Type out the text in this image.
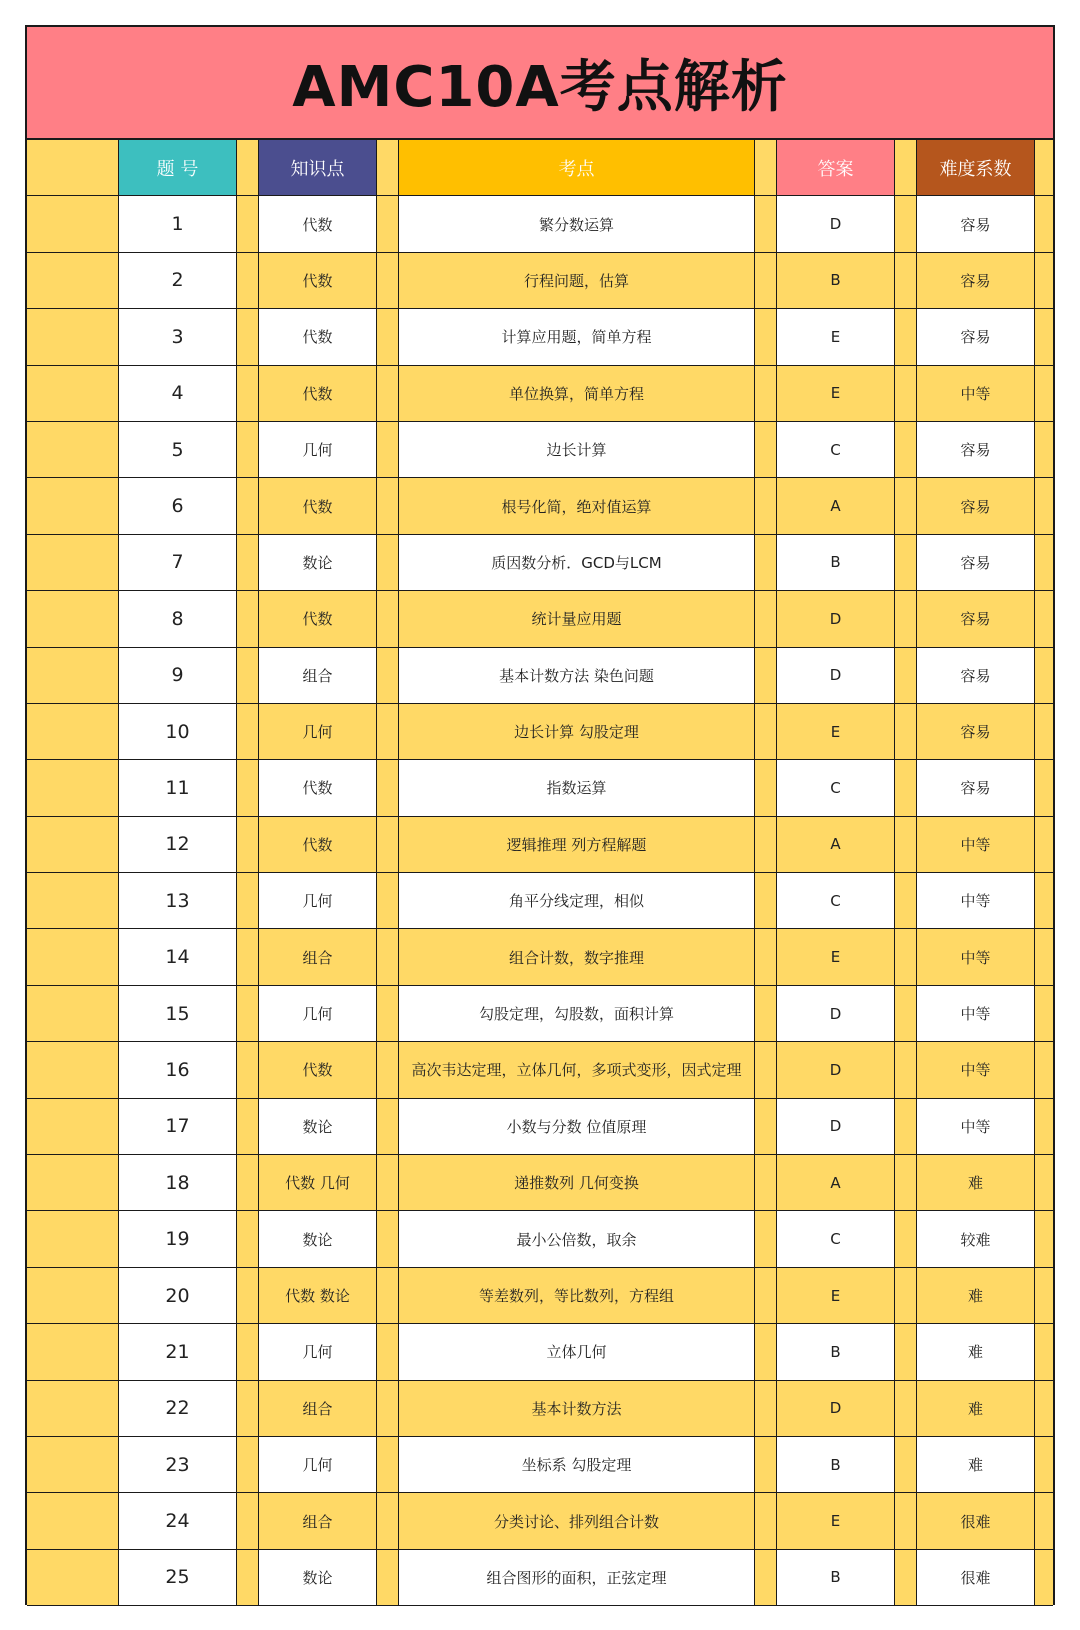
AMC10A考点解析
题 号	知识点	考点	答案	难度系数
1	代数	繁分数运算	D	容易
2	代数	行程问题，估算	B	容易
3	代数	计算应用题，简单方程	E	容易
4	代数	单位换算，简单方程	E	中等
5	几何	边长计算	C	容易
6	代数	根号化简，绝对值运算	A	容易
7	数论	质因数分析．GCD与LCM	B	容易
8	代数	统计量应用题	D	容易
9	组合	基本计数方法 染色问题	D	容易
10	几何	边长计算 勾股定理	E	容易
11	代数	指数运算	C	容易
12	代数	逻辑推理 列方程解题	A	中等
13	几何	角平分线定理，相似	C	中等
14	组合	组合计数，数字推理	E	中等
15	几何	勾股定理，勾股数，面积计算	D	中等
16	代数	高次韦达定理，立体几何，多项式变形，因式定理	D	中等
17	数论	小数与分数 位值原理	D	中等
18	代数 几何	递推数列 几何变换	A	难
19	数论	最小公倍数，取余	C	较难
20	代数 数论	等差数列，等比数列，方程组	E	难
21	几何	立体几何	B	难
22	组合	基本计数方法	D	难
23	几何	坐标系 勾股定理	B	难
24	组合	分类讨论、排列组合计数	E	很难
25	数论	组合图形的面积，正弦定理	B	很难
